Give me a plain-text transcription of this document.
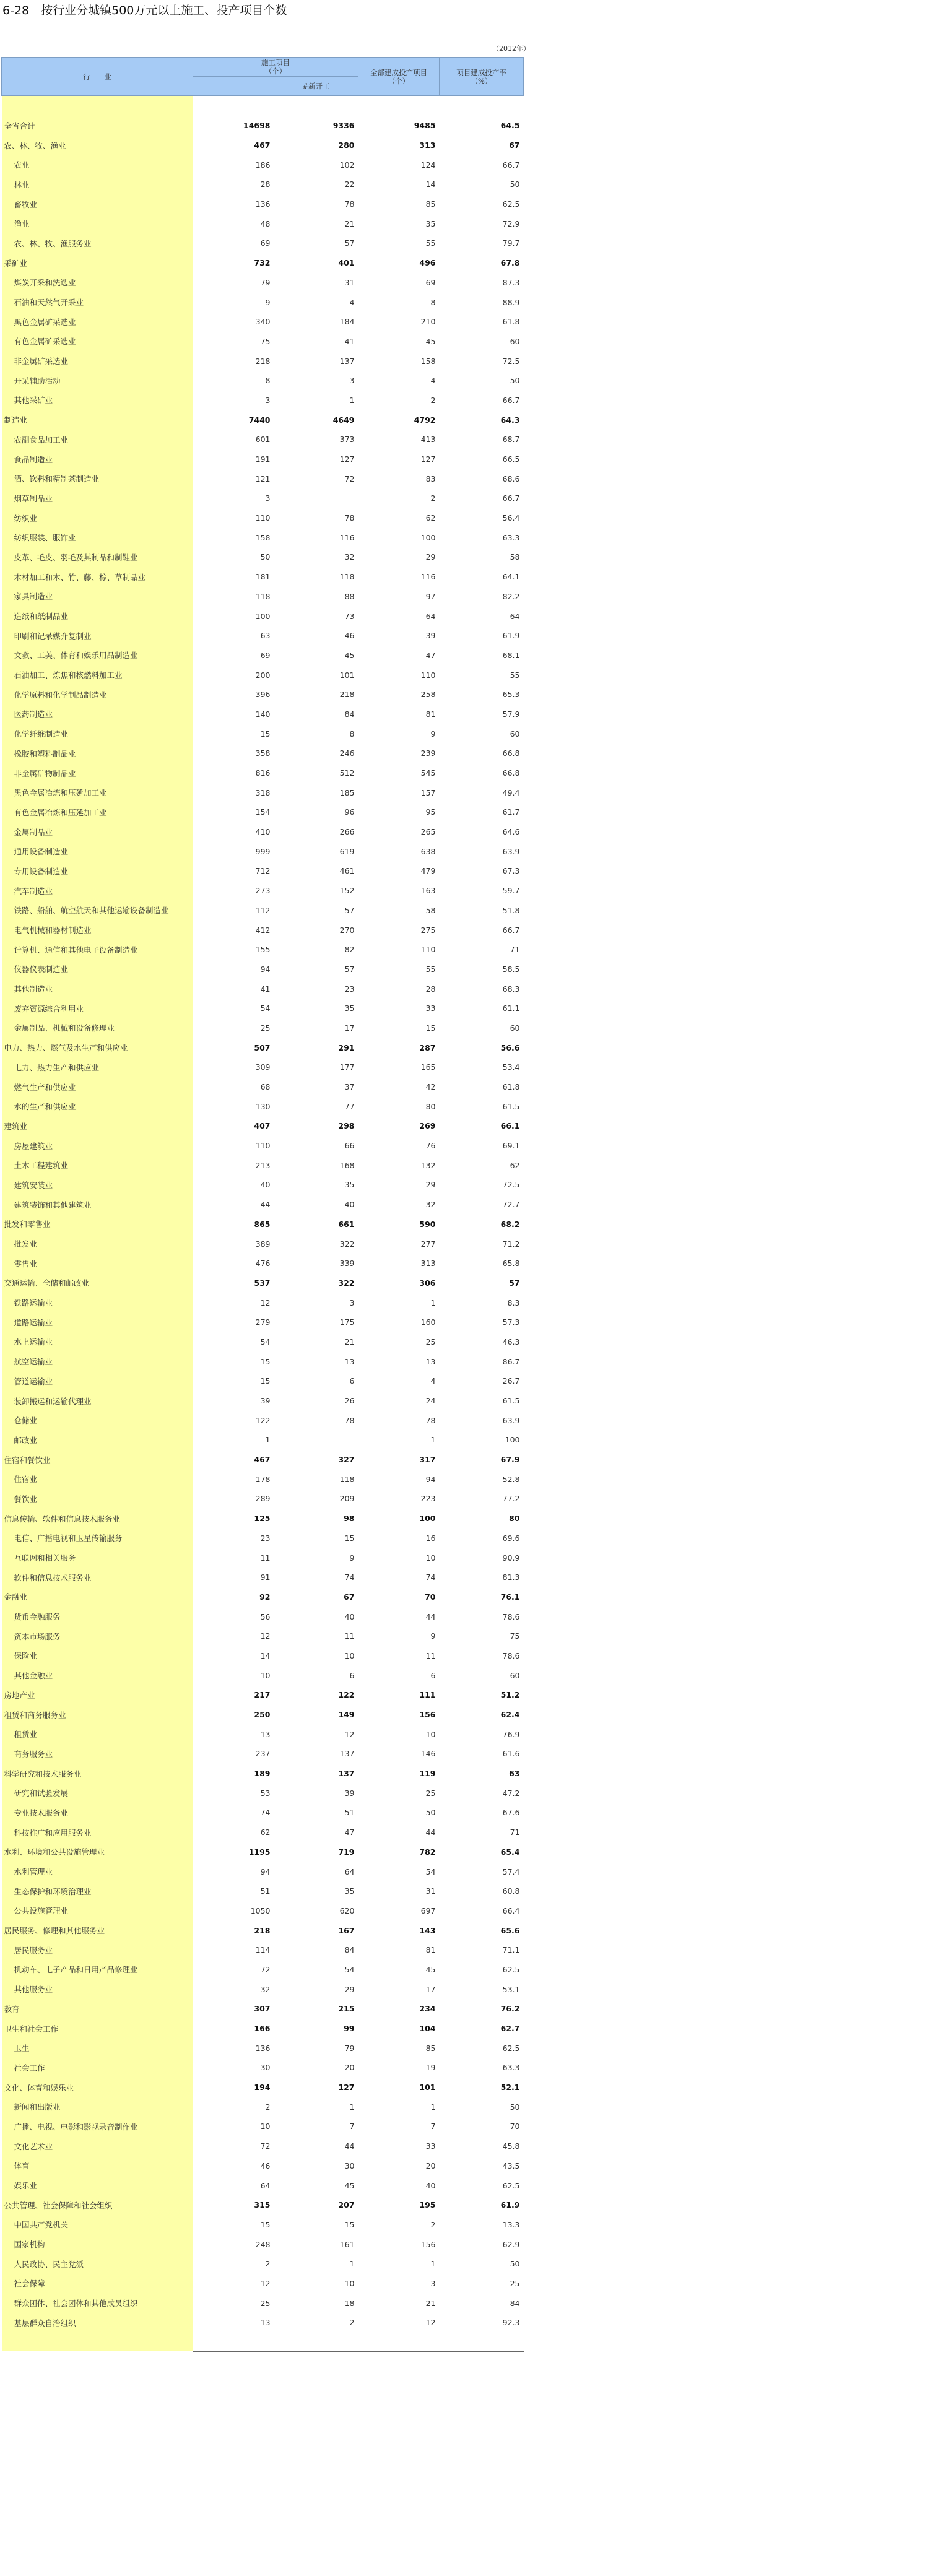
6-28　按行业分城镇500万元以上施工、投产项目个数
（2012年）
行　　业	施工项目
（个）		全部建成投产项目
（个）	项目建成投产率
（%）
		#新开工		

全省合计	14698	9336	9485	64.5
农、林、牧、渔业	467	280	313	67
农业	186	102	124	66.7
林业	28	22	14	50
畜牧业	136	78	85	62.5
渔业	48	21	35	72.9
农、林、牧、渔服务业	69	57	55	79.7
采矿业	732	401	496	67.8
煤炭开采和洗选业	79	31	69	87.3
石油和天然气开采业	9	4	8	88.9
黑色金属矿采选业	340	184	210	61.8
有色金属矿采选业	75	41	45	60
非金属矿采选业	218	137	158	72.5
开采辅助活动	8	3	4	50
其他采矿业	3	1	2	66.7
制造业	7440	4649	4792	64.3
农副食品加工业	601	373	413	68.7
食品制造业	191	127	127	66.5
酒、饮料和精制茶制造业	121	72	83	68.6
烟草制品业	3		2	66.7
纺织业	110	78	62	56.4
纺织服装、服饰业	158	116	100	63.3
皮革、毛皮、羽毛及其制品和制鞋业	50	32	29	58
木材加工和木、竹、藤、棕、草制品业	181	118	116	64.1
家具制造业	118	88	97	82.2
造纸和纸制品业	100	73	64	64
印刷和记录媒介复制业	63	46	39	61.9
文教、工美、体育和娱乐用品制造业	69	45	47	68.1
石油加工、炼焦和核燃料加工业	200	101	110	55
化学原料和化学制品制造业	396	218	258	65.3
医药制造业	140	84	81	57.9
化学纤维制造业	15	8	9	60
橡胶和塑料制品业	358	246	239	66.8
非金属矿物制品业	816	512	545	66.8
黑色金属冶炼和压延加工业	318	185	157	49.4
有色金属冶炼和压延加工业	154	96	95	61.7
金属制品业	410	266	265	64.6
通用设备制造业	999	619	638	63.9
专用设备制造业	712	461	479	67.3
汽车制造业	273	152	163	59.7
铁路、船舶、航空航天和其他运输设备制造业	112	57	58	51.8
电气机械和器材制造业	412	270	275	66.7
计算机、通信和其他电子设备制造业	155	82	110	71
仪器仪表制造业	94	57	55	58.5
其他制造业	41	23	28	68.3
废弃资源综合利用业	54	35	33	61.1
金属制品、机械和设备修理业	25	17	15	60
电力、热力、燃气及水生产和供应业	507	291	287	56.6
电力、热力生产和供应业	309	177	165	53.4
燃气生产和供应业	68	37	42	61.8
水的生产和供应业	130	77	80	61.5
建筑业	407	298	269	66.1
房屋建筑业	110	66	76	69.1
土木工程建筑业	213	168	132	62
建筑安装业	40	35	29	72.5
建筑装饰和其他建筑业	44	40	32	72.7
批发和零售业	865	661	590	68.2
批发业	389	322	277	71.2
零售业	476	339	313	65.8
交通运输、仓储和邮政业	537	322	306	57
铁路运输业	12	3	1	8.3
道路运输业	279	175	160	57.3
水上运输业	54	21	25	46.3
航空运输业	15	13	13	86.7
管道运输业	15	6	4	26.7
装卸搬运和运输代理业	39	26	24	61.5
仓储业	122	78	78	63.9
邮政业	1		1	100
住宿和餐饮业	467	327	317	67.9
住宿业	178	118	94	52.8
餐饮业	289	209	223	77.2
信息传输、软件和信息技术服务业	125	98	100	80
电信、广播电视和卫星传输服务	23	15	16	69.6
互联网和相关服务	11	9	10	90.9
软件和信息技术服务业	91	74	74	81.3
金融业	92	67	70	76.1
货币金融服务	56	40	44	78.6
资本市场服务	12	11	9	75
保险业	14	10	11	78.6
其他金融业	10	6	6	60
房地产业	217	122	111	51.2
租赁和商务服务业	250	149	156	62.4
租赁业	13	12	10	76.9
商务服务业	237	137	146	61.6
科学研究和技术服务业	189	137	119	63
研究和试验发展	53	39	25	47.2
专业技术服务业	74	51	50	67.6
科技推广和应用服务业	62	47	44	71
水利、环境和公共设施管理业	1195	719	782	65.4
水利管理业	94	64	54	57.4
生态保护和环境治理业	51	35	31	60.8
公共设施管理业	1050	620	697	66.4
居民服务、修理和其他服务业	218	167	143	65.6
居民服务业	114	84	81	71.1
机动车、电子产品和日用产品修理业	72	54	45	62.5
其他服务业	32	29	17	53.1
教育	307	215	234	76.2
卫生和社会工作	166	99	104	62.7
卫生	136	79	85	62.5
社会工作	30	20	19	63.3
文化、体育和娱乐业	194	127	101	52.1
新闻和出版业	2	1	1	50
广播、电视、电影和影视录音制作业	10	7	7	70
文化艺术业	72	44	33	45.8
体育	46	30	20	43.5
娱乐业	64	45	40	62.5
公共管理、社会保障和社会组织	315	207	195	61.9
中国共产党机关	15	15	2	13.3
国家机构	248	161	156	62.9
人民政协、民主党派	2	1	1	50
社会保障	12	10	3	25
群众团体、社会团体和其他成员组织	25	18	21	84
基层群众自治组织	13	2	12	92.3
